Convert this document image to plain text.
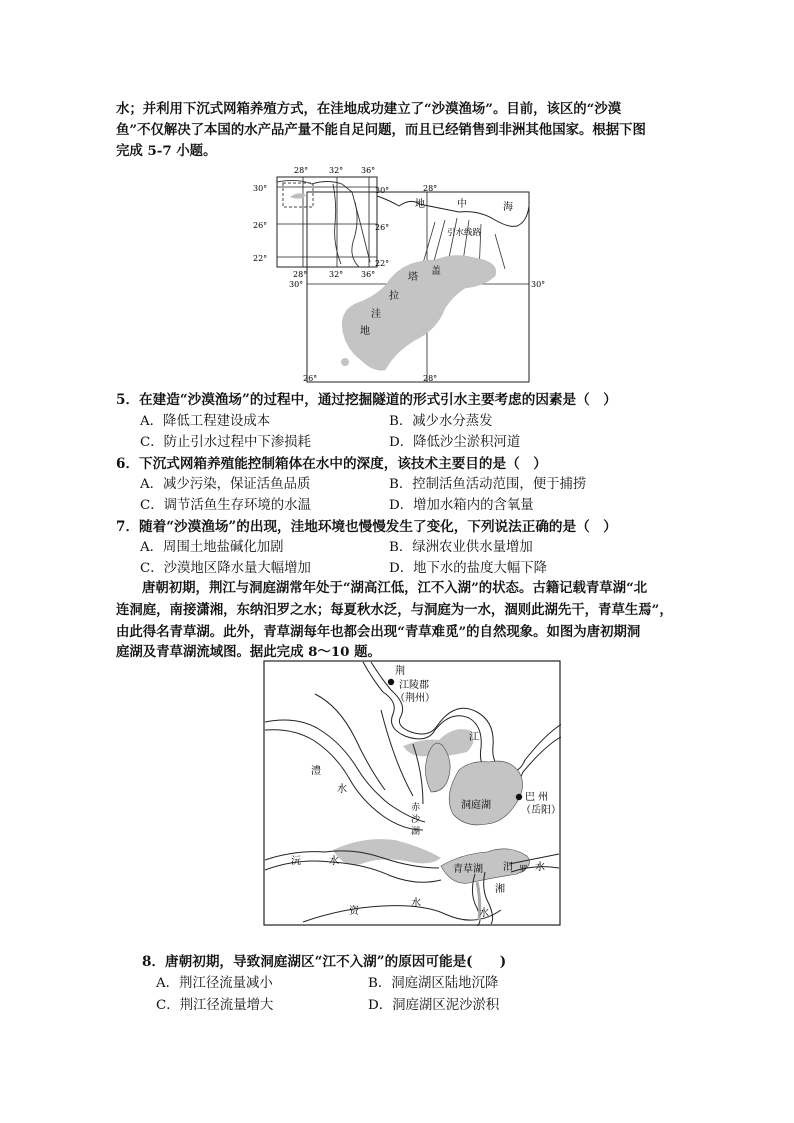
水；并利用下沉式网箱养殖方式，在洼地成功建立了“沙漠渔场”。目前，该区的“沙漠
鱼”不仅解决了本国的水产品产量不能自足问题，而且已经销售到非洲其他国家。根据下图
完成 5-7 小题。
28°	32° 36°
28°	32° 36°
30°
26°
22°
30°
26°
22°
28°
30°	30°
26°	28°
地	中	海
引水线路
塔
盖
拉
洼
地
5．在建造“沙漠渔场”的过程中，通过挖掘隧道的形式引水主要考虑的因素是（　）
A．降低工程建设成本	B．减少水分蒸发
C．防止引水过程中下渗损耗	D．降低沙尘淤积河道
6．下沉式网箱养殖能控制箱体在水中的深度，该技术主要目的是（　）
A．减少污染，保证活鱼品质	B．控制活鱼活动范围，便于捕捞
C．调节活鱼生存环境的水温	D．增加水箱内的含氧量
7．随着“沙漠渔场”的出现，洼地环境也慢慢发生了变化，下列说法正确的是（　）
A．周围土地盐碱化加剧	B．绿洲农业供水量增加
C．沙漠地区降水量大幅增加	D．地下水的盐度大幅下降
唐朝初期，荆江与洞庭湖常年处于“湖高江低，江不入湖”的状态。古籍记载青草湖“北
连洞庭，南接潇湘，东纳汨罗之水；每夏秋水泛，与洞庭为一水，涸则此湖先干，青草生焉”，
由此得名青草湖。此外，青草湖每年也都会出现“青草难觅”的自然现象。如图为唐初期洞
庭湖及青草湖流域图。据此完成 8～10 题。
荆
江陵郡
（荆州）
江
澧
水
赤
沙
湖
洞庭湖
巴 州
（岳阳）
沅	水
青草湖 汨 罗 水
湘
水
资
水
8．唐朝初期，导致洞庭湖区“江不入湖”的原因可能是(　　)
A．荆江径流量减小	B．洞庭湖区陆地沉降
C．荆江径流量增大	D．洞庭湖区泥沙淤积
